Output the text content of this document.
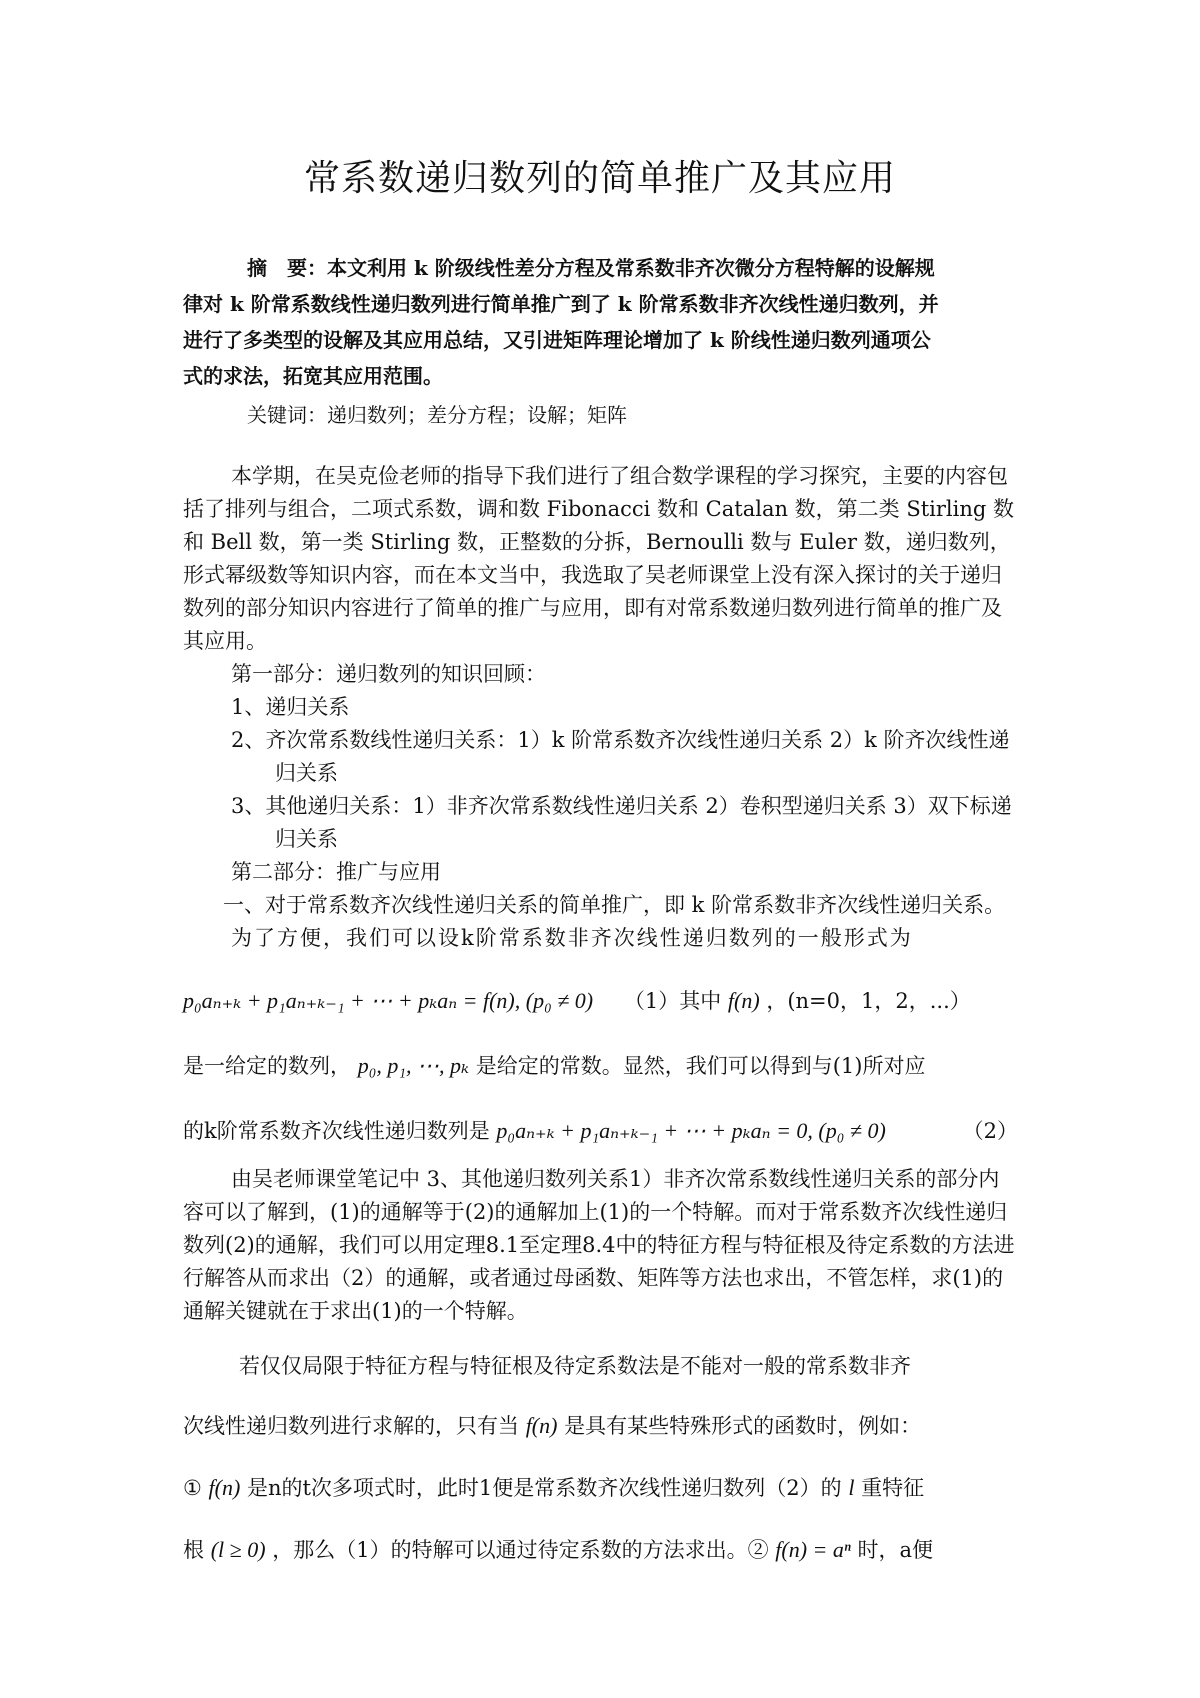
常系数递归数列的简单推广及其应用

摘　要：本文利用 k 阶级线性差分方程及常系数非齐次微分方程特解的设解规

律对 k 阶常系数线性递归数列进行简单推广到了 k 阶常系数非齐次线性递归数列，并

进行了多类型的设解及其应用总结，又引进矩阵理论增加了 k 阶线性递归数列通项公

式的求法，拓宽其应用范围。

关键词：递归数列；差分方程；设解；矩阵

本学期，在吴克俭老师的指导下我们进行了组合数学课程的学习探究，主要的内容包括了排列与组合，二项式系数，调和数 Fibonacci 数和 Catalan 数，第二类 Stirling 数和 Bell 数，第一类 Stirling 数，正整数的分拆，Bernoulli 数与 Euler 数，递归数列，形式幂级数等知识内容，而在本文当中，我选取了吴老师课堂上没有深入探讨的关于递归数列的部分知识内容进行了简单的推广与应用，即有对常系数递归数列进行简单的推广及其应用。

第一部分：递归数列的知识回顾：

1、递归关系

2、齐次常系数线性递归关系：1）k 阶常系数齐次线性递归关系 2）k 阶齐次线性递归关系

3、其他递归关系：1）非齐次常系数线性递归关系 2）卷积型递归关系 3）双下标递归关系

第二部分：推广与应用

一、对于常系数齐次线性递归关系的简单推广，即 k 阶常系数非齐次线性递归关系。

为了方便，我们可以设k阶常系数非齐次线性递归数列的一般形式为

p₀aₙ₊ₖ + p₁aₙ₊ₖ₋₁ + ⋯ + pₖaₙ = f(n), (p₀ ≠ 0) （1）其中 f(n) ，(n=0，1，2，...）
是一给定的数列， p₀, p₁, ⋯, pₖ 是给定的常数。显然，我们可以得到与(1)所对应
的k阶常系数齐次线性递归数列是 p₀aₙ₊ₖ + p₁aₙ₊ₖ₋₁ + ⋯ + pₖaₙ = 0, (p₀ ≠ 0)	（2）

由吴老师课堂笔记中 3、其他递归数列关系1）非齐次常系数线性递归关系的部分内容可以了解到，(1)的通解等于(2)的通解加上(1)的一个特解。而对于常系数齐次线性递归数列(2)的通解，我们可以用定理8.1至定理8.4中的特征方程与特征根及待定系数的方法进行解答从而求出（2）的通解，或者通过母函数、矩阵等方法也求出，不管怎样，求(1)的通解关键就在于求出(1)的一个特解。

若仅仅局限于特征方程与特征根及待定系数法是不能对一般的常系数非齐
次线性递归数列进行求解的，只有当 f(n) 是具有某些特殊形式的函数时，例如：
① f(n) 是n的t次多项式时，此时1便是常系数齐次线性递归数列（2）的 l 重特征
根 (l ≥ 0) ，那么（1）的特解可以通过待定系数的方法求出。② f(n) = aⁿ 时，a便
